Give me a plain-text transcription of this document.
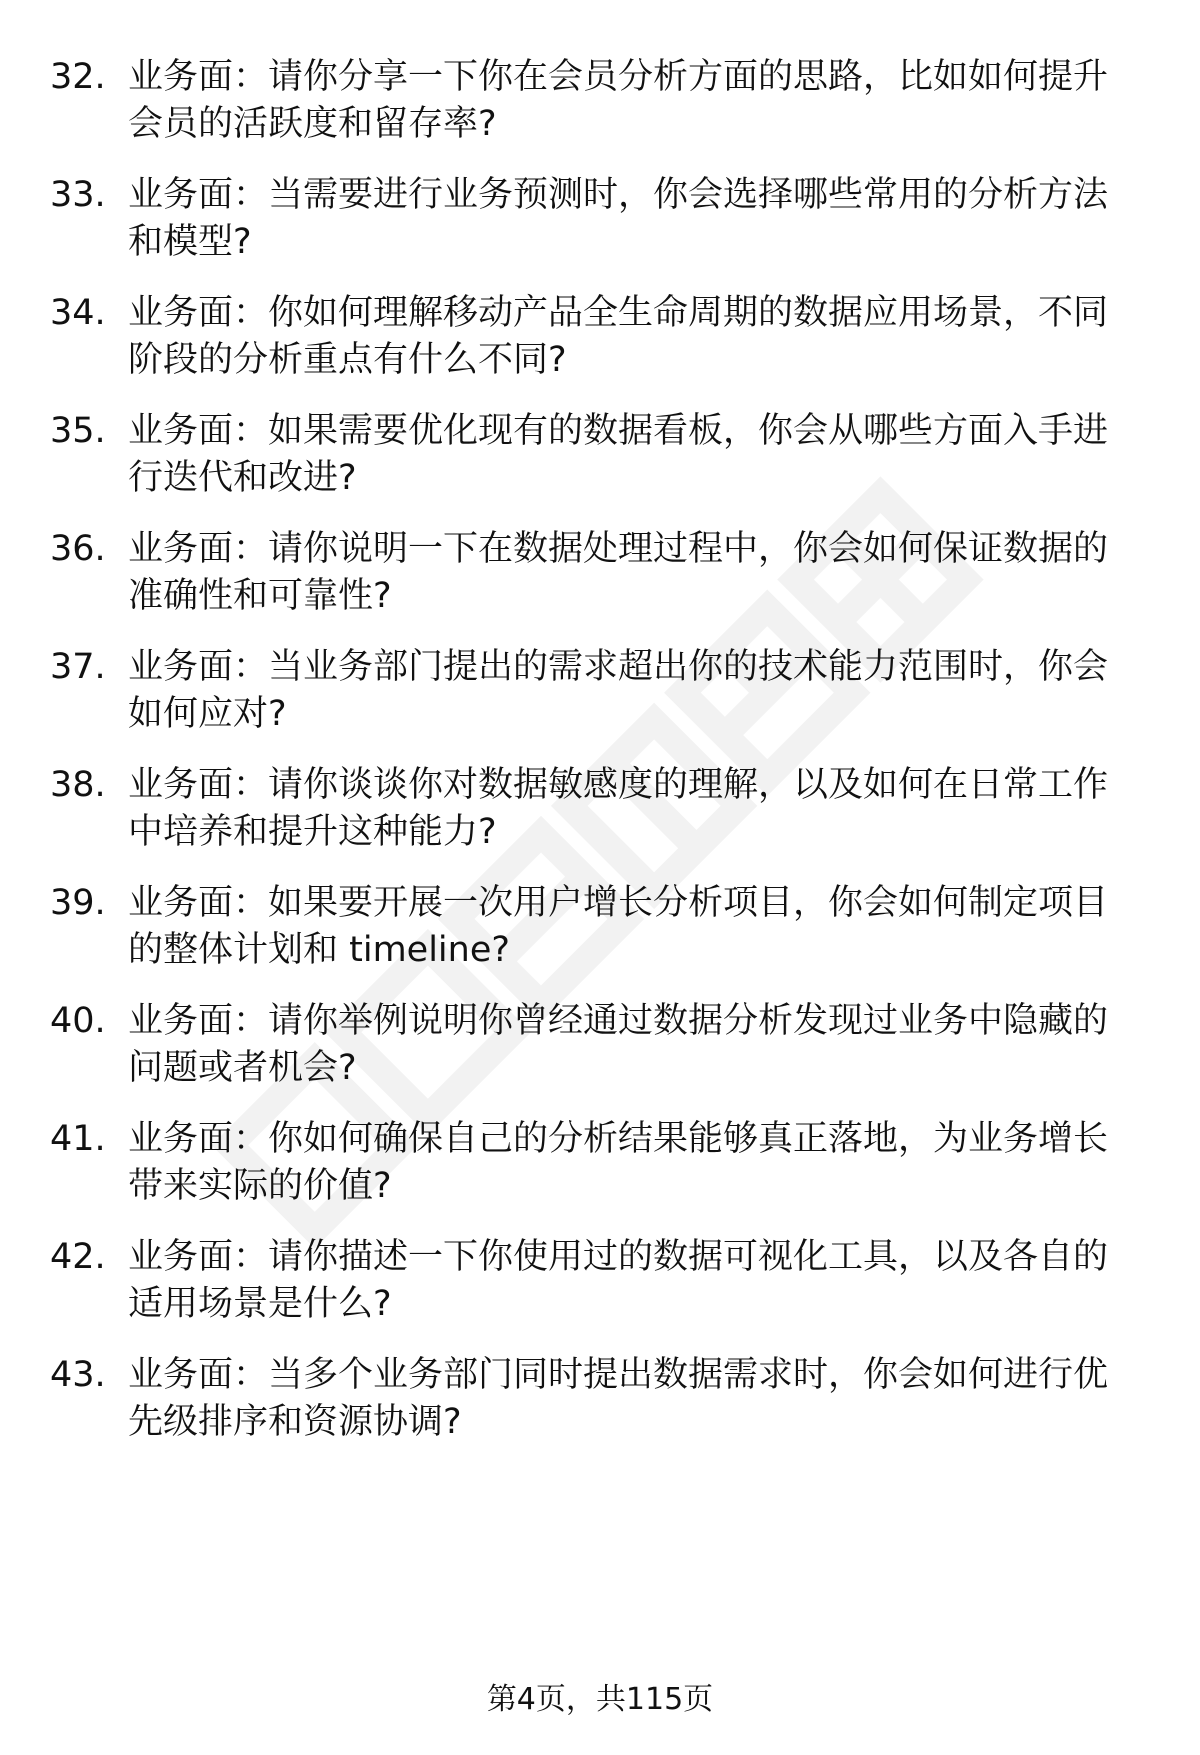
32. 业务面：请你分享一下你在会员分析方面的思路，比如如何提升会员的活跃度和留存率?
33. 业务面：当需要进行业务预测时，你会选择哪些常用的分析方法和模型?
34. 业务面：你如何理解移动产品全生命周期的数据应用场景，不同阶段的分析重点有什么不同?
35. 业务面：如果需要优化现有的数据看板，你会从哪些方面入手进行迭代和改进?
36. 业务面：请你说明一下在数据处理过程中，你会如何保证数据的准确性和可靠性?
37. 业务面：当业务部门提出的需求超出你的技术能力范围时，你会如何应对?
38. 业务面：请你谈谈你对数据敏感度的理解，以及如何在日常工作中培养和提升这种能力?
39. 业务面：如果要开展一次用户增长分析项目，你会如何制定项目的整体计划和 timeline?
40. 业务面：请你举例说明你曾经通过数据分析发现过业务中隐藏的问题或者机会?
41. 业务面：你如何确保自己的分析结果能够真正落地，为业务增长带来实际的价值?
42. 业务面：请你描述一下你使用过的数据可视化工具，以及各自的适用场景是什么?
43. 业务面：当多个业务部门同时提出数据需求时，你会如何进行优先级排序和资源协调?
第4页，共115页
